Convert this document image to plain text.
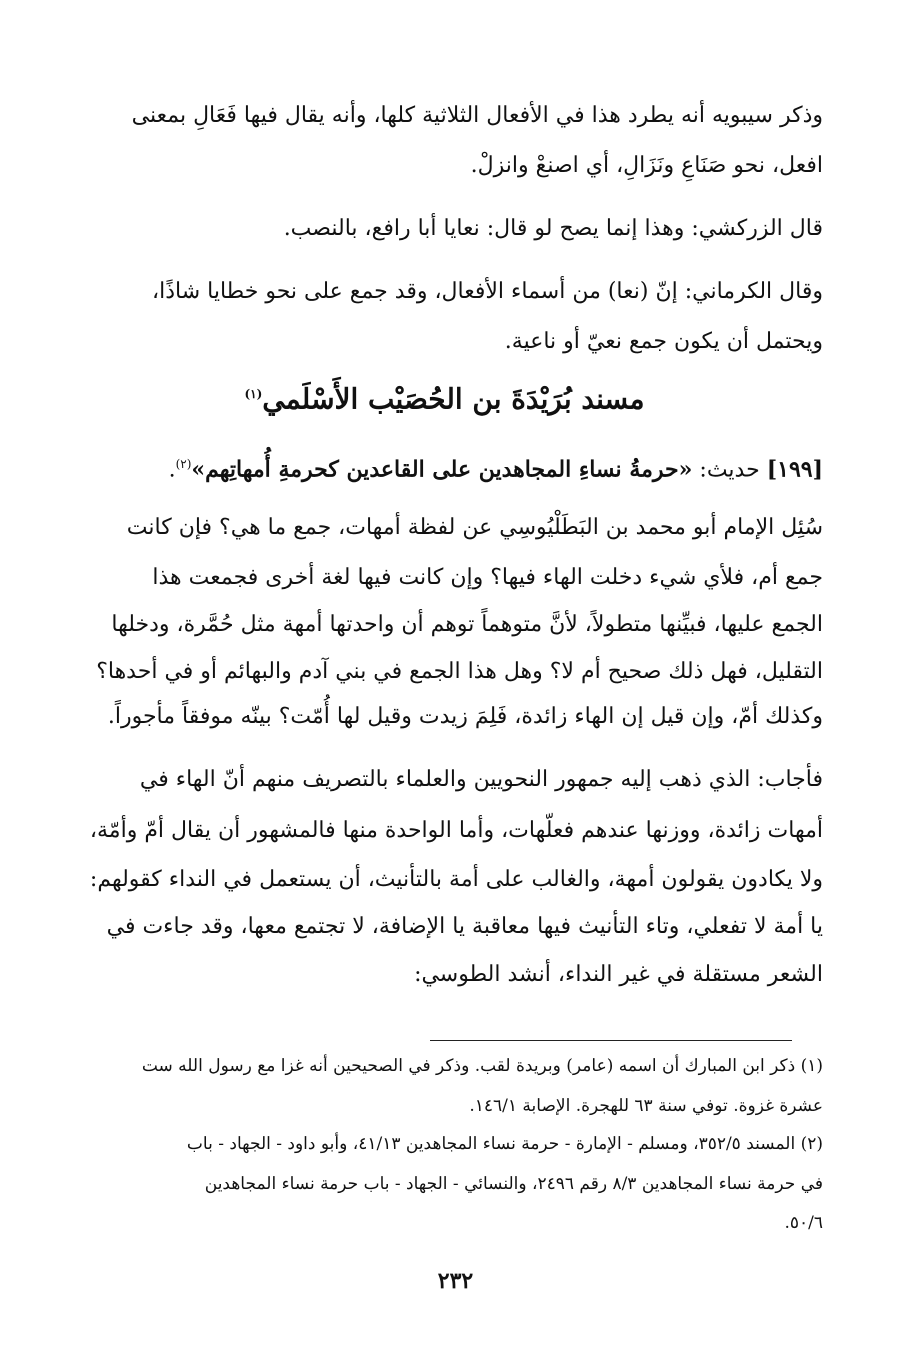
وذكر سيبويه أنه يطرد هذا في الأفعال الثلاثية كلها، وأنه يقال فيها فَعَالِ بمعنى
افعل، نحو صَنَاعِ ونَزَالِ، أي اصنعْ وانزلْ.
قال الزركشي: وهذا إنما يصح لو قال: نعايا أبا رافع، بالنصب.
وقال الكرماني: إنّ (نعا) من أسماء الأفعال، وقد جمع على نحو خطايا شاذًا،
ويحتمل أن يكون جمع نعيّ أو ناعية.
مسند بُرَيْدَةَ بن الحُصَيْب الأَسْلَمي$^{(١)}$
[١٩٩] حديث: «حرمةُ نساءِ المجاهدين على القاعدين كحرمةِ أُمهاتِهم»$^{(٢)}$.
سُئِل الإمام أبو محمد بن البَطَلْيُوسِي عن لفظة أمهات، جمع ما هي؟ فإن كانت
جمع أم، فلأي شيء دخلت الهاء فيها؟ وإن كانت فيها لغة أخرى فجمعت هذا
الجمع عليها، فبيِّنها متطولاً، لأنَّ متوهماً توهم أن واحدتها أمهة مثل حُمَّرة، ودخلها
التقليل، فهل ذلك صحيح أم لا؟ وهل هذا الجمع في بني آدم والبهائم أو في أحدها؟
وكذلك أمّ، وإن قيل إن الهاء زائدة، فَلِمَ زيدت وقيل لها أُمّت؟ بينّه موفقاً مأجوراً.
فأجاب: الذي ذهب إليه جمهور النحويين والعلماء بالتصريف منهم أنّ الهاء في
أمهات زائدة، ووزنها عندهم فعلّهات، وأما الواحدة منها فالمشهور أن يقال أمّ وأمّة،
ولا يكادون يقولون أمهة، والغالب على أمة بالتأنيث، أن يستعمل في النداء كقولهم:
يا أمة لا تفعلي، وتاء التأنيث فيها معاقبة يا الإضافة، لا تجتمع معها، وقد جاءت في
الشعر مستقلة في غير النداء، أنشد الطوسي:
(١) ذكر ابن المبارك أن اسمه (عامر) وبريدة لقب. وذكر في الصحيحين أنه غزا مع رسول الله ست
عشرة غزوة. توفي سنة ٦٣ للهجرة. الإصابة ١٤٦/١.
(٢) المسند ٣٥٢/٥، ومسلم - الإمارة - حرمة نساء المجاهدين ٤١/١٣، وأبو داود - الجهاد - باب
في حرمة نساء المجاهدين ٨/٣ رقم ٢٤٩٦، والنسائي - الجهاد - باب حرمة نساء المجاهدين
٥٠/٦.
٢٣٢
